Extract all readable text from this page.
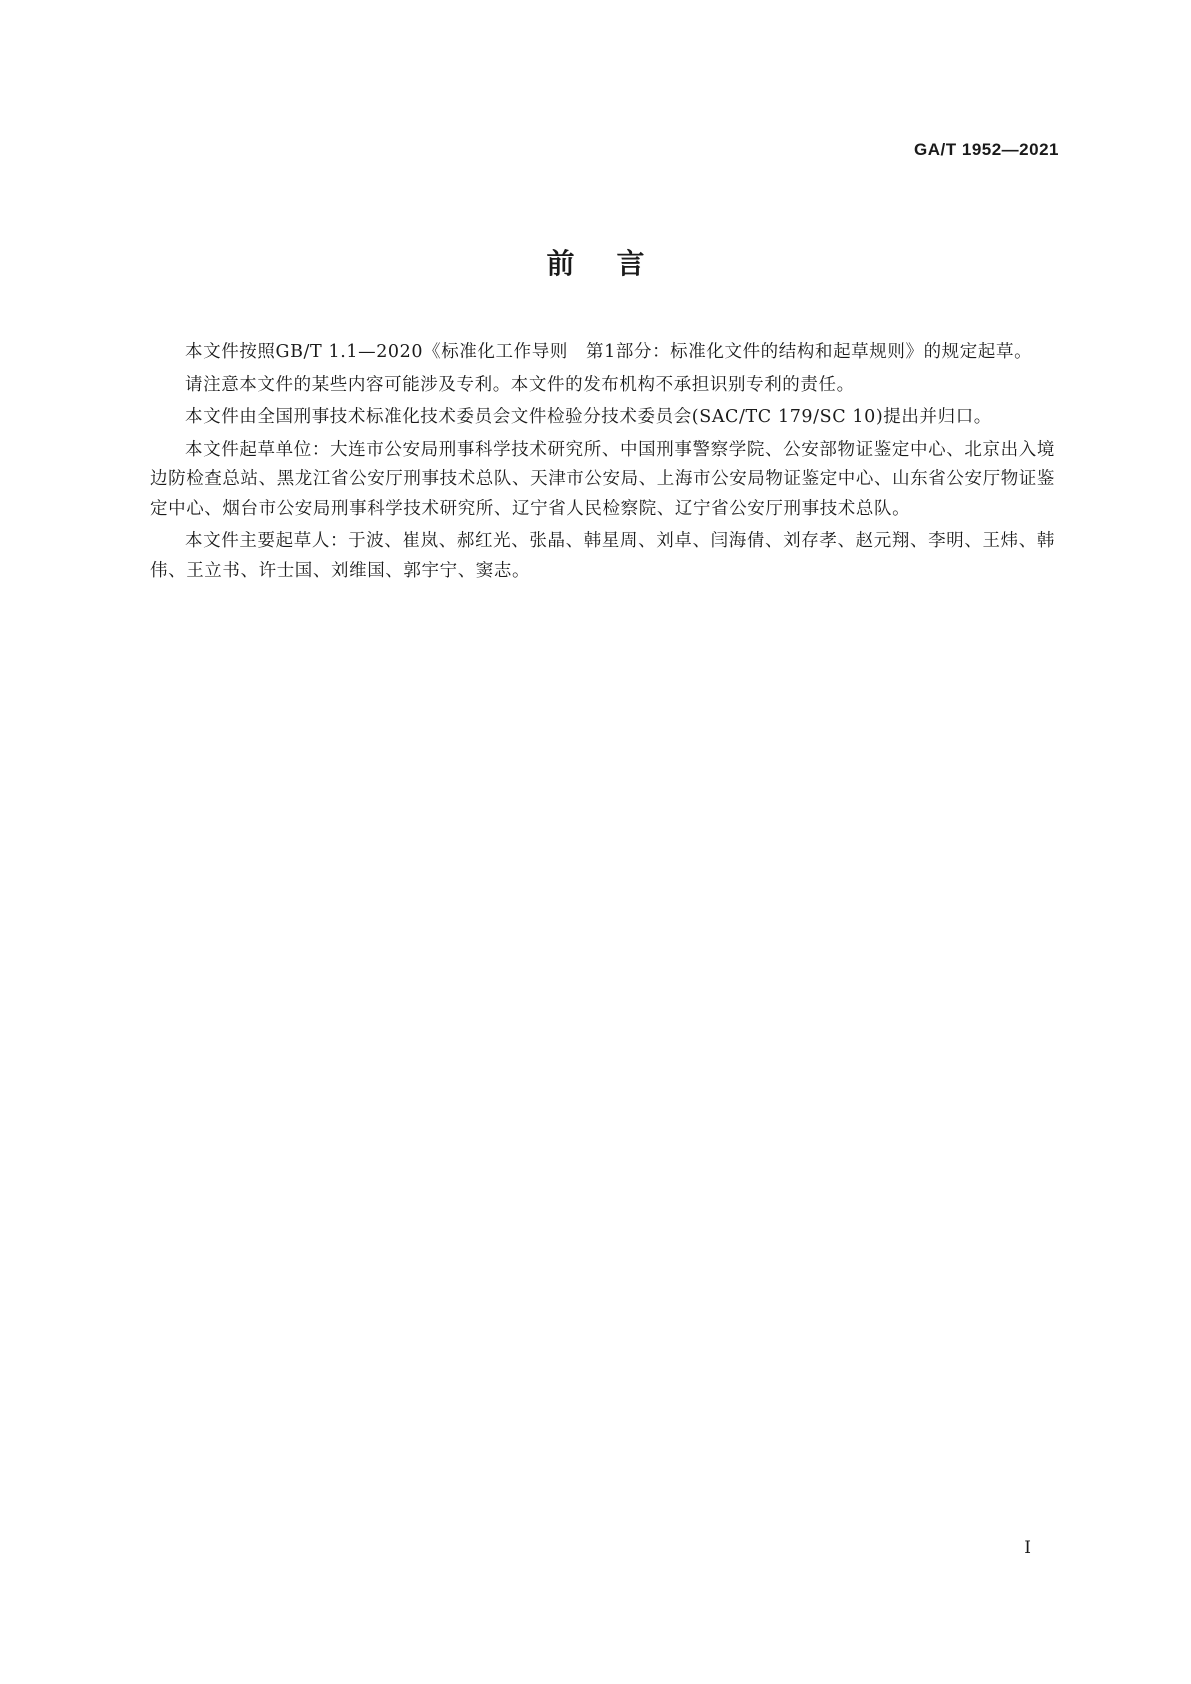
GA/T 1952—2021
前言

本文件按照GB/T 1.1—2020《标准化工作导则　第1部分：标准化文件的结构和起草规则》的规定起草。

请注意本文件的某些内容可能涉及专利。本文件的发布机构不承担识别专利的责任。

本文件由全国刑事技术标准化技术委员会文件检验分技术委员会(SAC/TC 179/SC 10)提出并归口。

本文件起草单位：大连市公安局刑事科学技术研究所、中国刑事警察学院、公安部物证鉴定中心、北京出入境边防检查总站、黑龙江省公安厅刑事技术总队、天津市公安局、上海市公安局物证鉴定中心、山东省公安厅物证鉴定中心、烟台市公安局刑事科学技术研究所、辽宁省人民检察院、辽宁省公安厅刑事技术总队。

本文件主要起草人：于波、崔岚、郝红光、张晶、韩星周、刘卓、闫海倩、刘存孝、赵元翔、李明、王炜、韩伟、王立书、许士国、刘维国、郭宇宁、窦志。

I
